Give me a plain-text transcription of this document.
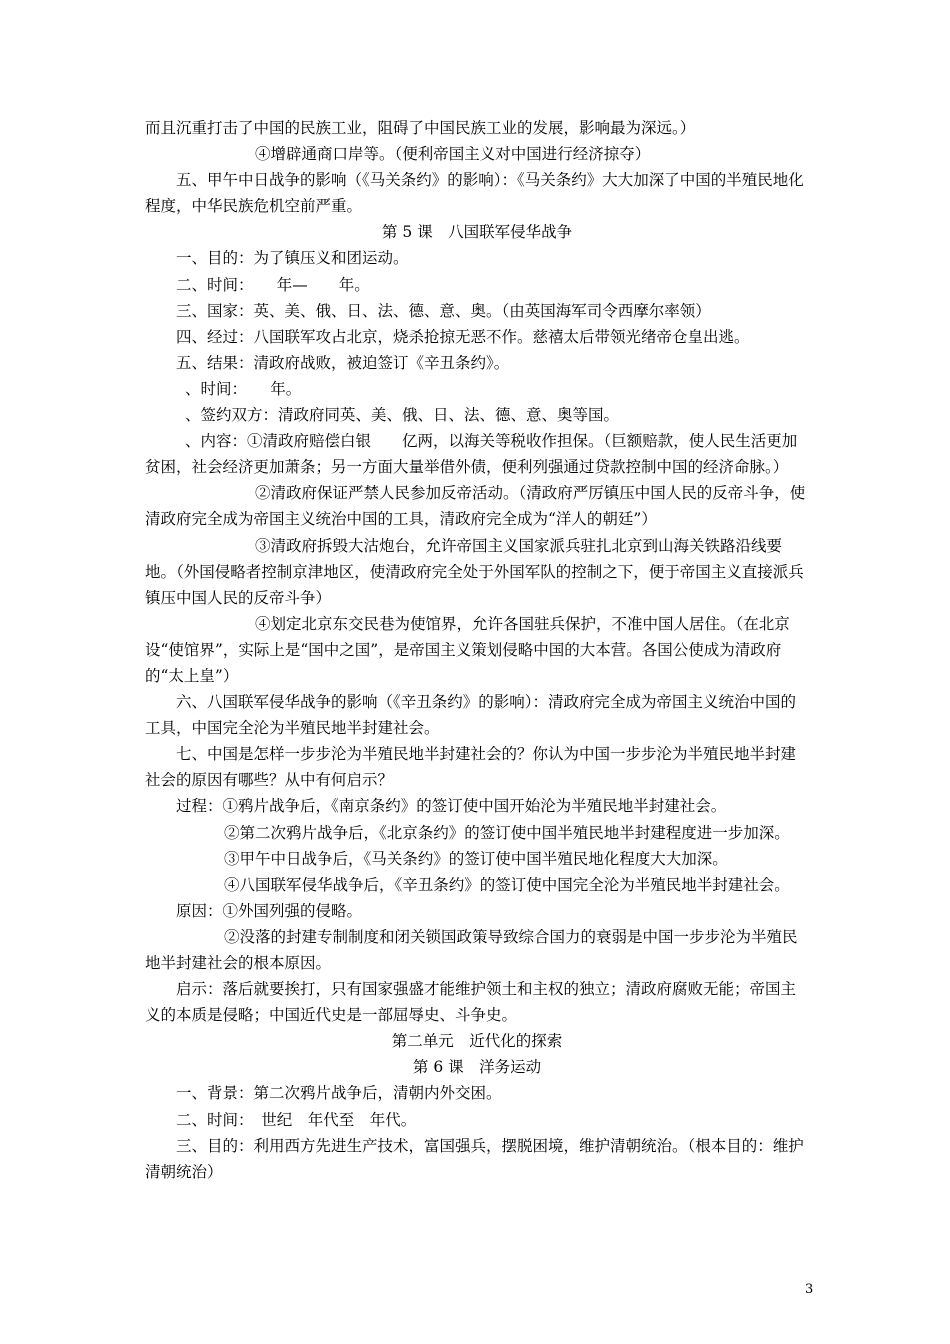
而且沉重打击了中国的民族工业，阻碍了中国民族工业的发展，影响最为深远。）

④增辟通商口岸等。（便利帝国主义对中国进行经济掠夺）

五、甲午中日战争的影响（《马关条约》的影响）：《马关条约》大大加深了中国的半殖民地化程度，中华民族危机空前严重。

第 5 课　八国联军侵华战争

一、目的：为了镇压义和团运动。

二、时间：　　年—　　年。

三、国家：英、美、俄、日、法、德、意、奥。（由英国海军司令西摩尔率领）

四、经过：八国联军攻占北京，烧杀抢掠无恶不作。慈禧太后带领光绪帝仓皇出逃。

五、结果：清政府战败，被迫签订《辛丑条约》。

、时间：　　年。

、签约双方：清政府同英、美、俄、日、法、德、意、奥等国。

、内容：①清政府赔偿白银　　亿两，以海关等税收作担保。（巨额赔款，使人民生活更加贫困，社会经济更加萧条；另一方面大量举借外债，便利列强通过贷款控制中国的经济命脉。）

②清政府保证严禁人民参加反帝活动。（清政府严厉镇压中国人民的反帝斗争，使清政府完全成为帝国主义统治中国的工具，清政府完全成为“洋人的朝廷”）

③清政府拆毁大沽炮台，允许帝国主义国家派兵驻扎北京到山海关铁路沿线要地。（外国侵略者控制京津地区，使清政府完全处于外国军队的控制之下，便于帝国主义直接派兵镇压中国人民的反帝斗争）

④划定北京东交民巷为使馆界，允许各国驻兵保护，不准中国人居住。（在北京设“使馆界”，实际上是“国中之国”，是帝国主义策划侵略中国的大本营。各国公使成为清政府的“太上皇”）

六、八国联军侵华战争的影响（《辛丑条约》的影响）：清政府完全成为帝国主义统治中国的工具，中国完全沦为半殖民地半封建社会。

七、中国是怎样一步步沦为半殖民地半封建社会的？你认为中国一步步沦为半殖民地半封建社会的原因有哪些？从中有何启示？

过程：①鸦片战争后，《南京条约》的签订使中国开始沦为半殖民地半封建社会。

②第二次鸦片战争后，《北京条约》的签订使中国半殖民地半封建程度进一步加深。

③甲午中日战争后，《马关条约》的签订使中国半殖民地化程度大大加深。

④八国联军侵华战争后，《辛丑条约》的签订使中国完全沦为半殖民地半封建社会。

原因：①外国列强的侵略。

②没落的封建专制制度和闭关锁国政策导致综合国力的衰弱是中国一步步沦为半殖民地半封建社会的根本原因。

启示：落后就要挨打，只有国家强盛才能维护领土和主权的独立；清政府腐败无能；帝国主义的本质是侵略；中国近代史是一部屈辱史、斗争史。

第二单元　近代化的探索

第 6 课　洋务运动

一、背景：第二次鸦片战争后，清朝内外交困。

二、时间：　世纪　年代至　年代。

三、目的：利用西方先进生产技术，富国强兵，摆脱困境，维护清朝统治。（根本目的：维护清朝统治）

3
